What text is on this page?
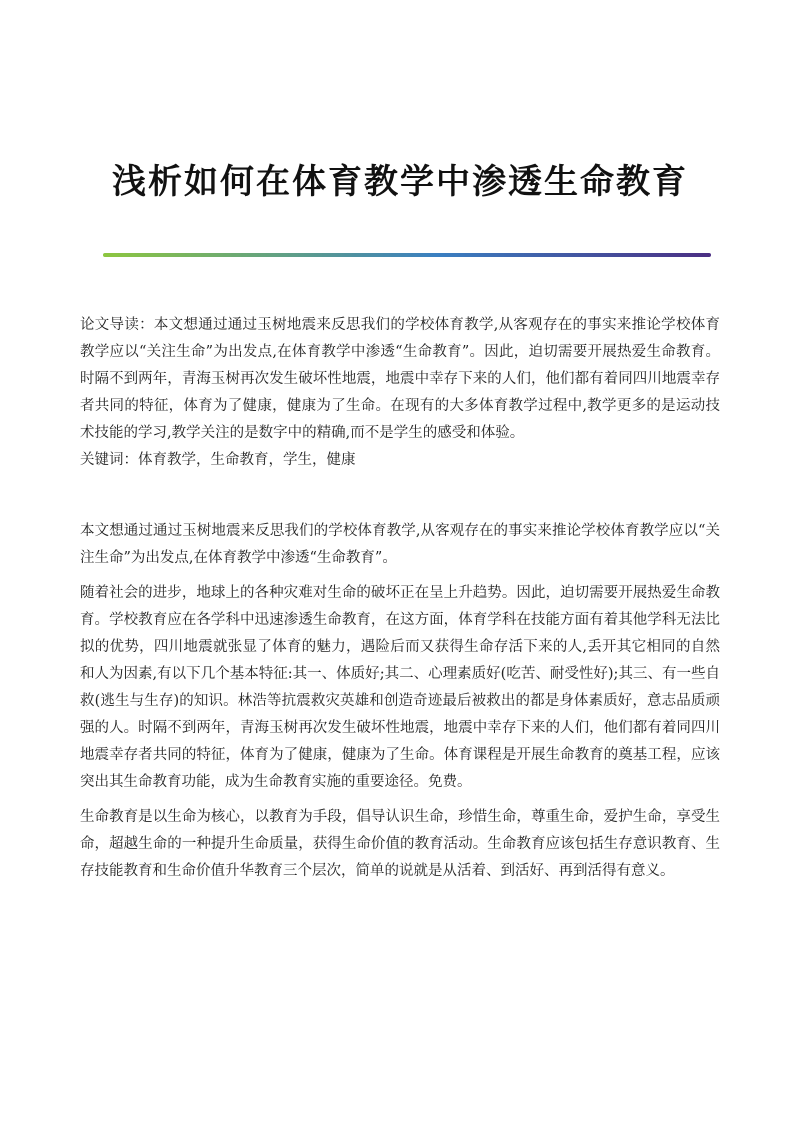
浅析如何在体育教学中渗透生命教育

论文导读：本文想通过通过玉树地震来反思我们的学校体育教学,从客观存在的事实来推论学校体育教学应以“关注生命”为出发点,在体育教学中渗透“生命教育”。因此，迫切需要开展热爱生命教育。时隔不到两年，青海玉树再次发生破坏性地震，地震中幸存下来的人们，他们都有着同四川地震幸存者共同的特征，体育为了健康，健康为了生命。在现有的大多体育教学过程中,教学更多的是运动技术技能的学习,教学关注的是数字中的精确,而不是学生的感受和体验。

关键词：体育教学，生命教育，学生，健康

本文想通过通过玉树地震来反思我们的学校体育教学,从客观存在的事实来推论学校体育教学应以“关注生命”为出发点,在体育教学中渗透“生命教育”。

随着社会的进步，地球上的各种灾难对生命的破坏正在呈上升趋势。因此，迫切需要开展热爱生命教育。学校教育应在各学科中迅速渗透生命教育，在这方面，体育学科在技能方面有着其他学科无法比拟的优势，四川地震就张显了体育的魅力，遇险后而又获得生命存活下来的人,丢开其它相同的自然和人为因素,有以下几个基本特征:其一、体质好;其二、心理素质好(吃苦、耐受性好);其三、有一些自救(逃生与生存)的知识。林浩等抗震救灾英雄和创造奇迹最后被救出的都是身体素质好，意志品质顽强的人。时隔不到两年，青海玉树再次发生破坏性地震，地震中幸存下来的人们，他们都有着同四川地震幸存者共同的特征，体育为了健康，健康为了生命。体育课程是开展生命教育的奠基工程，应该突出其生命教育功能，成为生命教育实施的重要途径。免费。

生命教育是以生命为核心，以教育为手段，倡导认识生命，珍惜生命，尊重生命，爱护生命，享受生命，超越生命的一种提升生命质量，获得生命价值的教育活动。生命教育应该包括生存意识教育、生存技能教育和生命价值升华教育三个层次，简单的说就是从活着、到活好、再到活得有意义。
